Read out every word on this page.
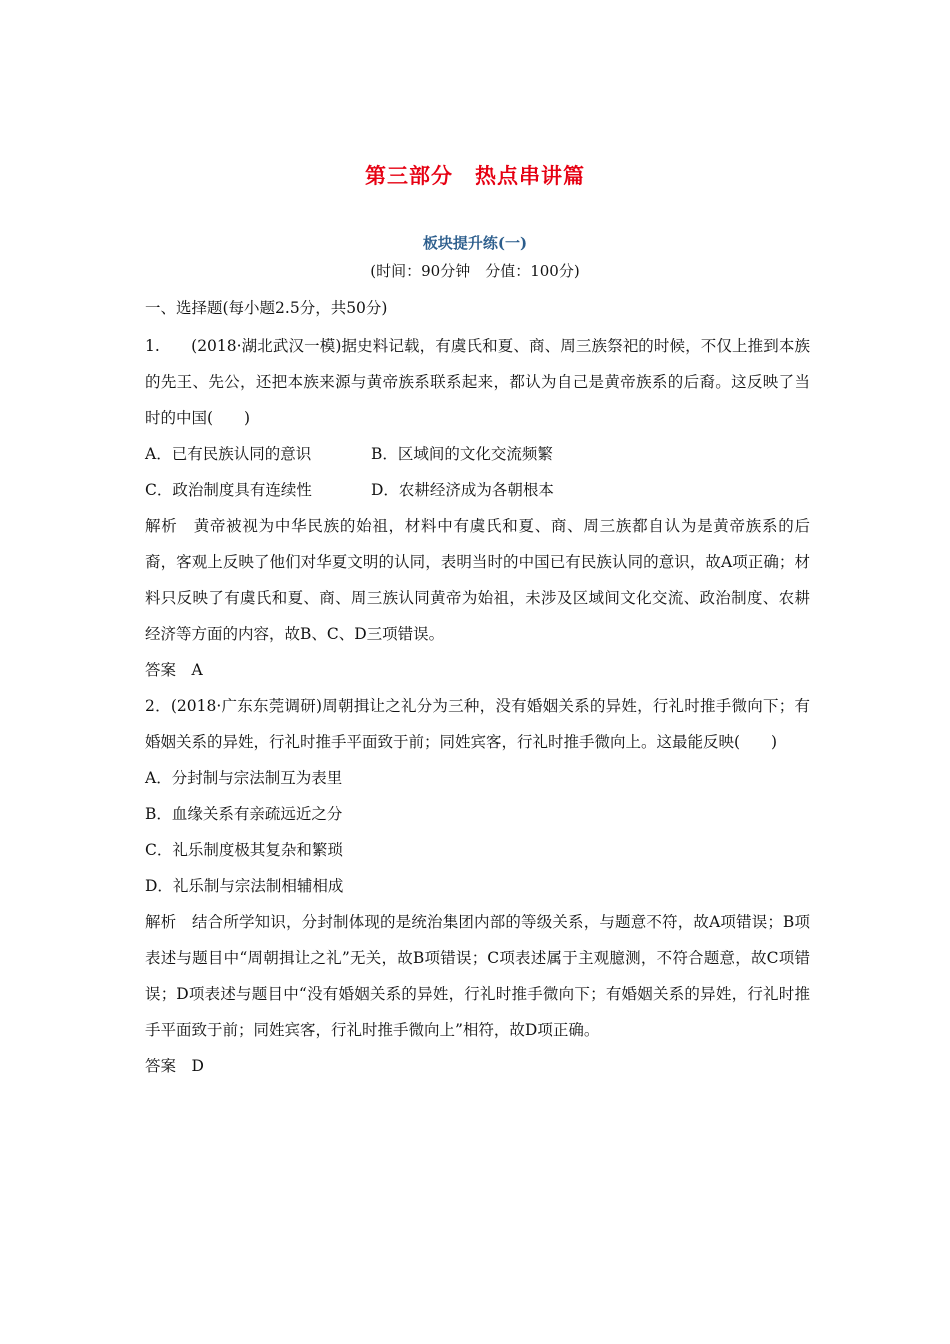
第三部分　热点串讲篇
板块提升练(一)
(时间：90分钟　分值：100分)

一、选择题(每小题2.5分，共50分)

1.　　(2018·湖北武汉一模)据史料记载，有虞氏和夏、商、周三族祭祀的时候，不仅上推到本族的先王、先公，还把本族来源与黄帝族系联系起来，都认为自己是黄帝族系的后裔。这反映了当时的中国(　　)

A．已有民族认同的意识	B．区域间的文化交流频繁
C．政治制度具有连续性	D．农耕经济成为各朝根本

解析　黄帝被视为中华民族的始祖，材料中有虞氏和夏、商、周三族都自认为是黄帝族系的后裔，客观上反映了他们对华夏文明的认同，表明当时的中国已有民族认同的意识，故A项正确；材料只反映了有虞氏和夏、商、周三族认同黄帝为始祖，未涉及区域间文化交流、政治制度、农耕经济等方面的内容，故B、C、D三项错误。

答案　A

2．(2018·广东东莞调研)周朝揖让之礼分为三种，没有婚姻关系的异姓，行礼时推手微向下；有婚姻关系的异姓，行礼时推手平面致于前；同姓宾客，行礼时推手微向上。这最能反映(　　)

A．分封制与宗法制互为表里

B．血缘关系有亲疏远近之分

C．礼乐制度极其复杂和繁琐

D．礼乐制与宗法制相辅相成

解析　结合所学知识，分封制体现的是统治集团内部的等级关系，与题意不符，故A项错误；B项表述与题目中“周朝揖让之礼”无关，故B项错误；C项表述属于主观臆测，不符合题意，故C项错误；D项表述与题目中“没有婚姻关系的异姓，行礼时推手微向下；有婚姻关系的异姓，行礼时推手平面致于前；同姓宾客，行礼时推手微向上”相符，故D项正确。

答案　D
